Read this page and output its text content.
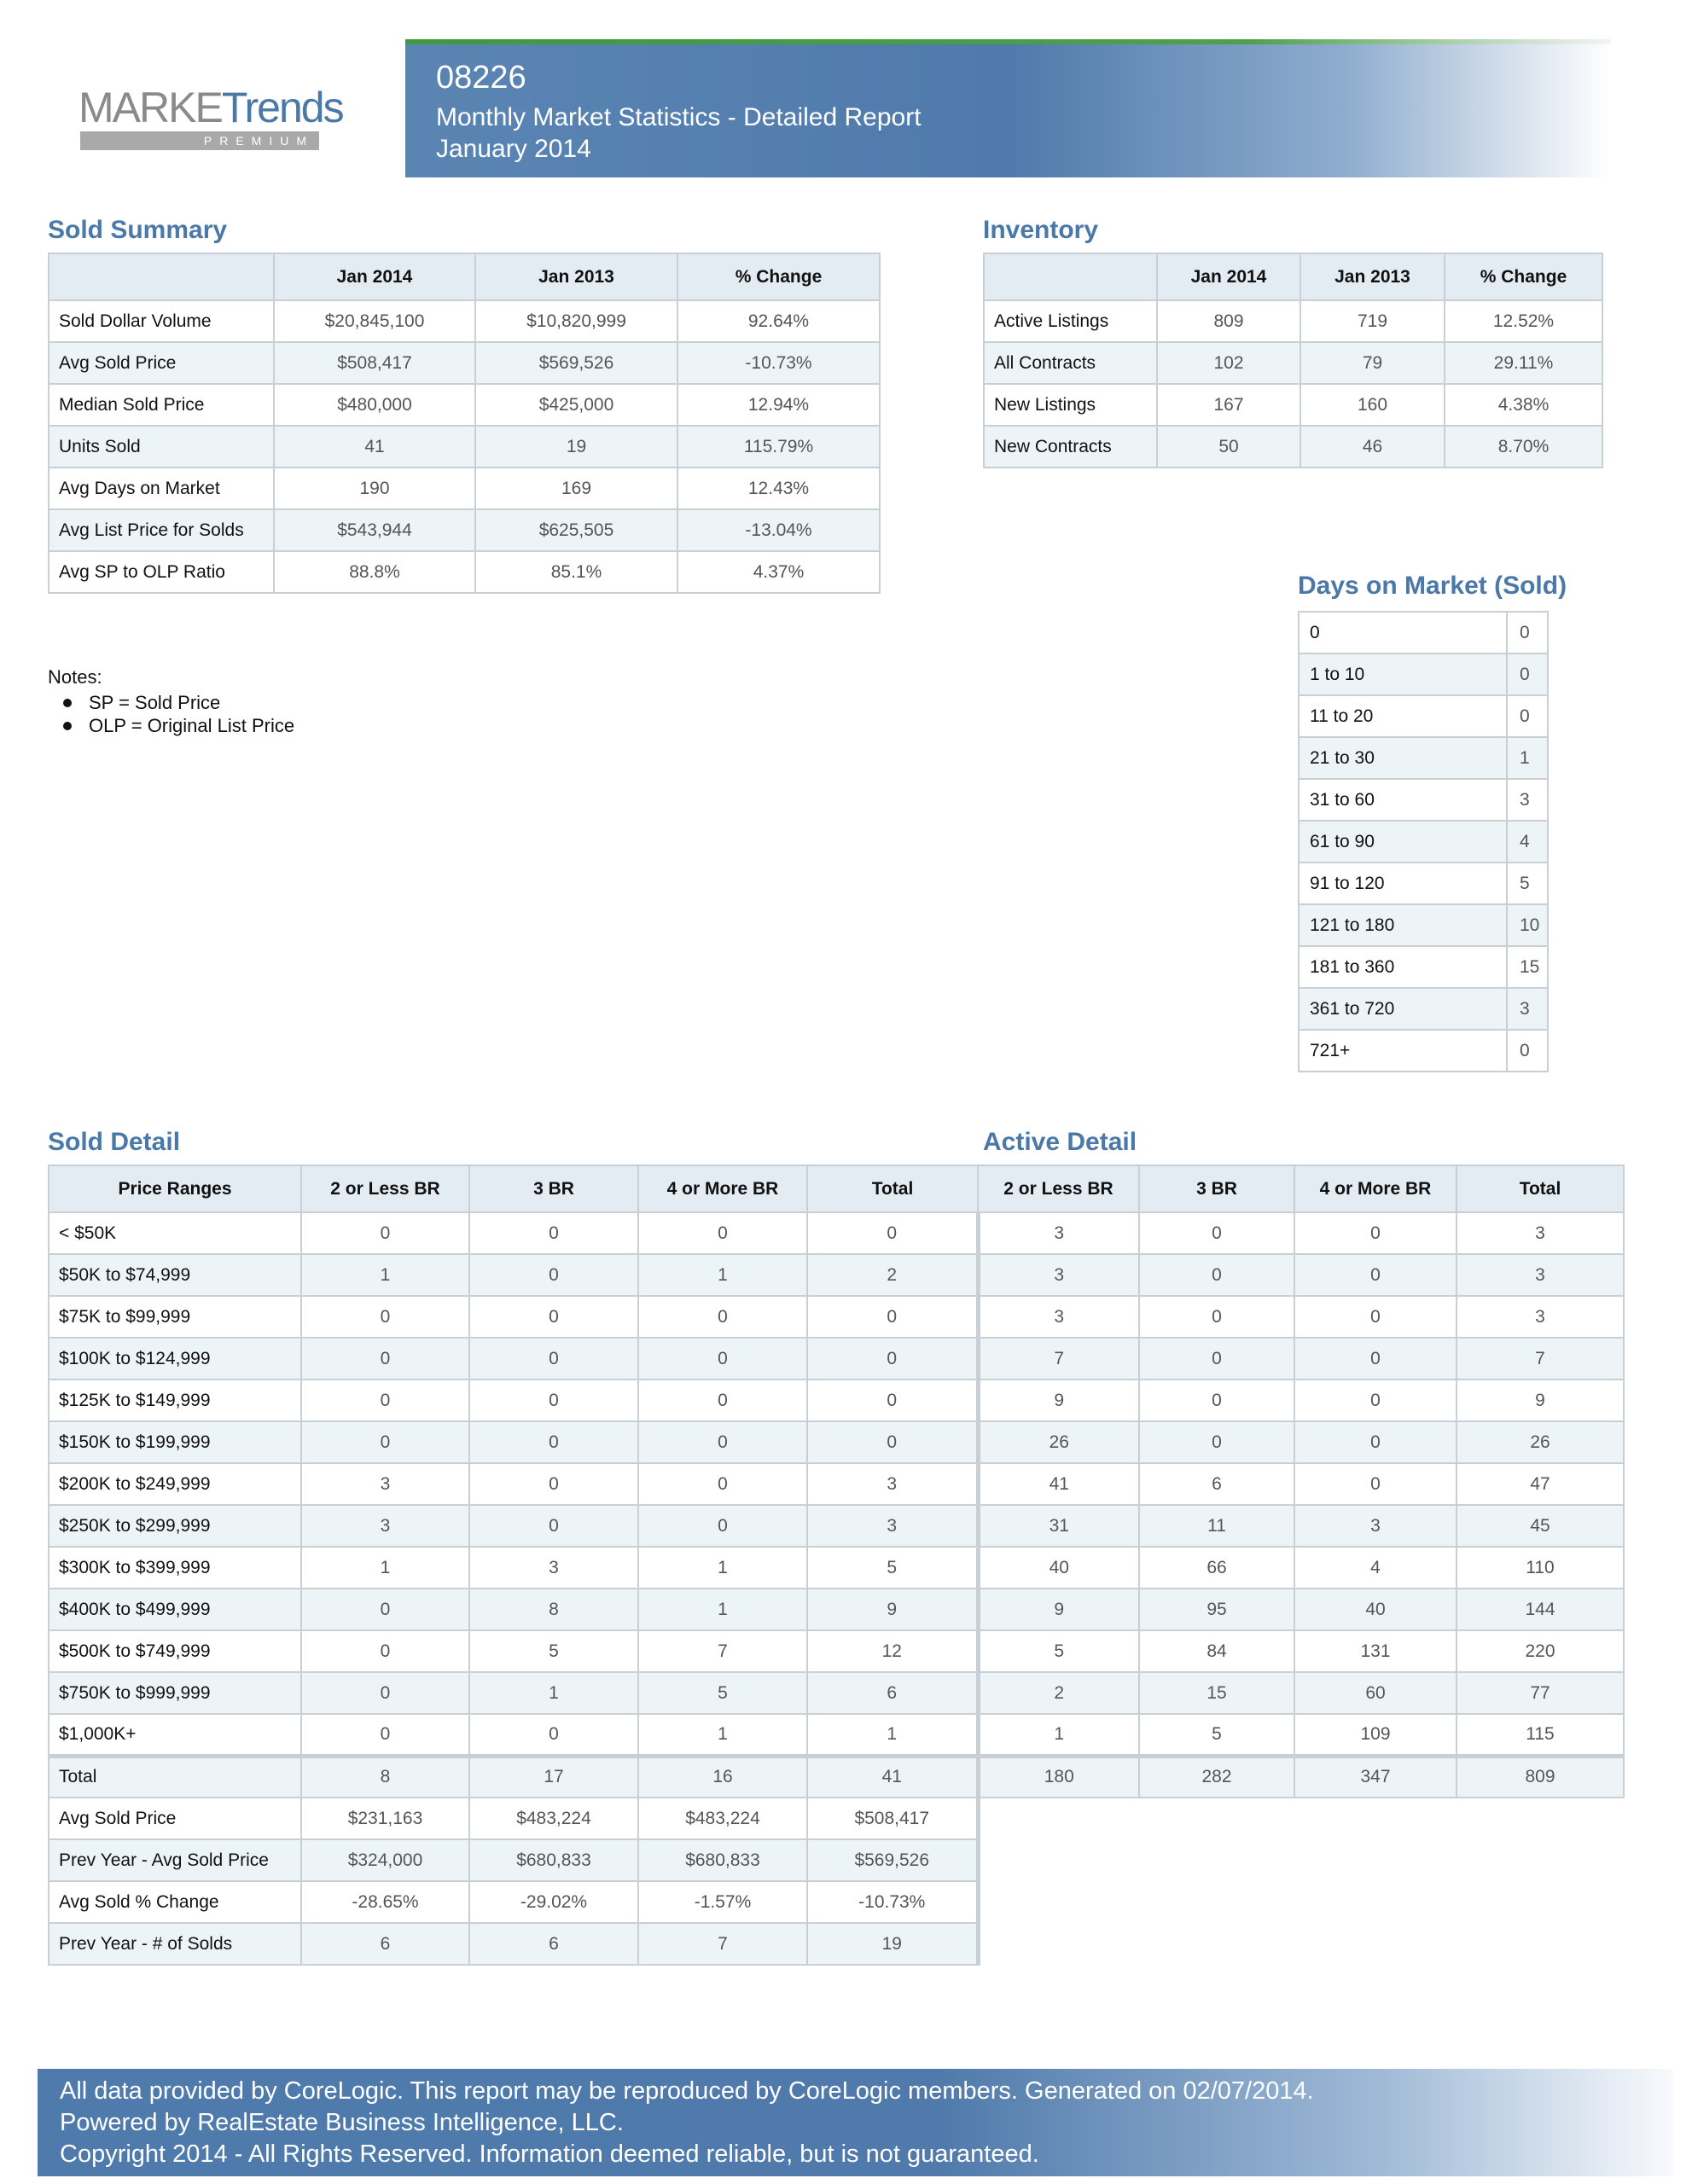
MARKETrends
PREMIUM
08226
Monthly Market Statistics - Detailed Report
January 2014
Sold Summary
	Jan 2014	Jan 2013	% Change
Sold Dollar Volume	$20,845,100	$10,820,999	92.64%
Avg Sold Price	$508,417	$569,526	-10.73%
Median Sold Price	$480,000	$425,000	12.94%
Units Sold	41	19	115.79%
Avg Days on Market	190	169	12.43%
Avg List Price for Solds	$543,944	$625,505	-13.04%
Avg SP to OLP Ratio	88.8%	85.1%	4.37%
Inventory
	Jan 2014	Jan 2013	% Change
Active Listings	809	719	12.52%
All Contracts	102	79	29.11%
New Listings	167	160	4.38%
New Contracts	50	46	8.70%
Notes:
SP = Sold Price
OLP = Original List Price
Days on Market (Sold)
0	0
1 to 10	0
11 to 20	0
21 to 30	1
31 to 60	3
61 to 90	4
91 to 120	5
121 to 180	10
181 to 360	15
361 to 720	3
721+	0
Sold Detail	Active Detail
Price Ranges	2 or Less BR	3 BR	4 or More BR	Total	2 or Less BR	3 BR	4 or More BR	Total
< $50K	0	0	0	0	3	0	0	3
$50K to $74,999	1	0	1	2	3	0	0	3
$75K to $99,999	0	0	0	0	3	0	0	3
$100K to $124,999	0	0	0	0	7	0	0	7
$125K to $149,999	0	0	0	0	9	0	0	9
$150K to $199,999	0	0	0	0	26	0	0	26
$200K to $249,999	3	0	0	3	41	6	0	47
$250K to $299,999	3	0	0	3	31	11	3	45
$300K to $399,999	1	3	1	5	40	66	4	110
$400K to $499,999	0	8	1	9	9	95	40	144
$500K to $749,999	0	5	7	12	5	84	131	220
$750K to $999,999	0	1	5	6	2	15	60	77
$1,000K+	0	0	1	1	1	5	109	115
Total	8	17	16	41	180	282	347	809
Avg Sold Price	$231,163	$483,224	$483,224	$508,417				
Prev Year - Avg Sold Price	$324,000	$680,833	$680,833	$569,526				
Avg Sold % Change	-28.65%	-29.02%	-1.57%	-10.73%				
Prev Year - # of Solds	6	6	7	19				
All data provided by CoreLogic. This report may be reproduced by CoreLogic members. Generated on 02/07/2014.
Powered by RealEstate Business Intelligence, LLC.
Copyright 2014 - All Rights Reserved. Information deemed reliable, but is not guaranteed.
